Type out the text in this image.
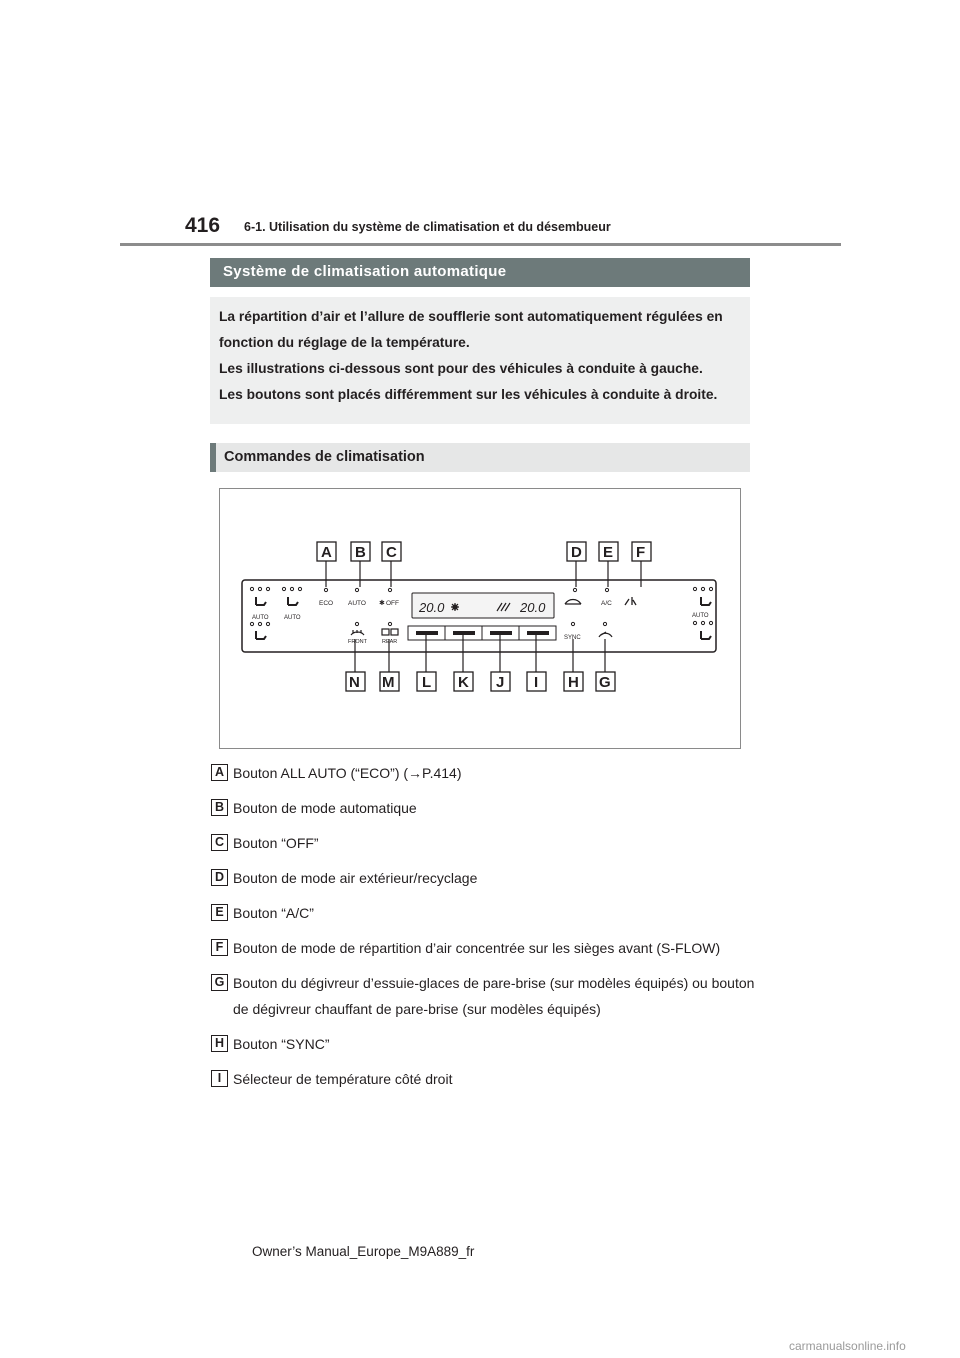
416 6-1. Utilisation du système de climatisation et du désembueur
Système de climatisation automatique

La répartition d’air et l’allure de soufflerie sont automatiquement régulées en fonction du réglage de la température.

Les illustrations ci-dessous sont pour des véhicules à conduite à gauche.

Les boutons sont placés différemment sur les véhicules à conduite à droite.

Commandes de climatisation
20.0	20.0
AUTO	AUTO
ECO AUTO	OFF
✱	A/C
AUTO
FRONT	REAR
SYNC
A B C	D E F
N M L K J I H G
A Bouton ALL AUTO (“ECO”) (→P.414)
B Bouton de mode automatique
C Bouton “OFF”
D Bouton de mode air extérieur/recyclage
E Bouton “A/C”
F Bouton de mode de répartition d’air concentrée sur les sièges avant (S-FLOW)
G Bouton du dégivreur d’essuie-glaces de pare-brise (sur modèles équipés) ou bouton de dégivreur chauffant de pare-brise (sur modèles équipés)
H Bouton “SYNC”
I Sélecteur de température côté droit
Owner’s Manual_Europe_M9A889_fr
carmanualsonline.info
